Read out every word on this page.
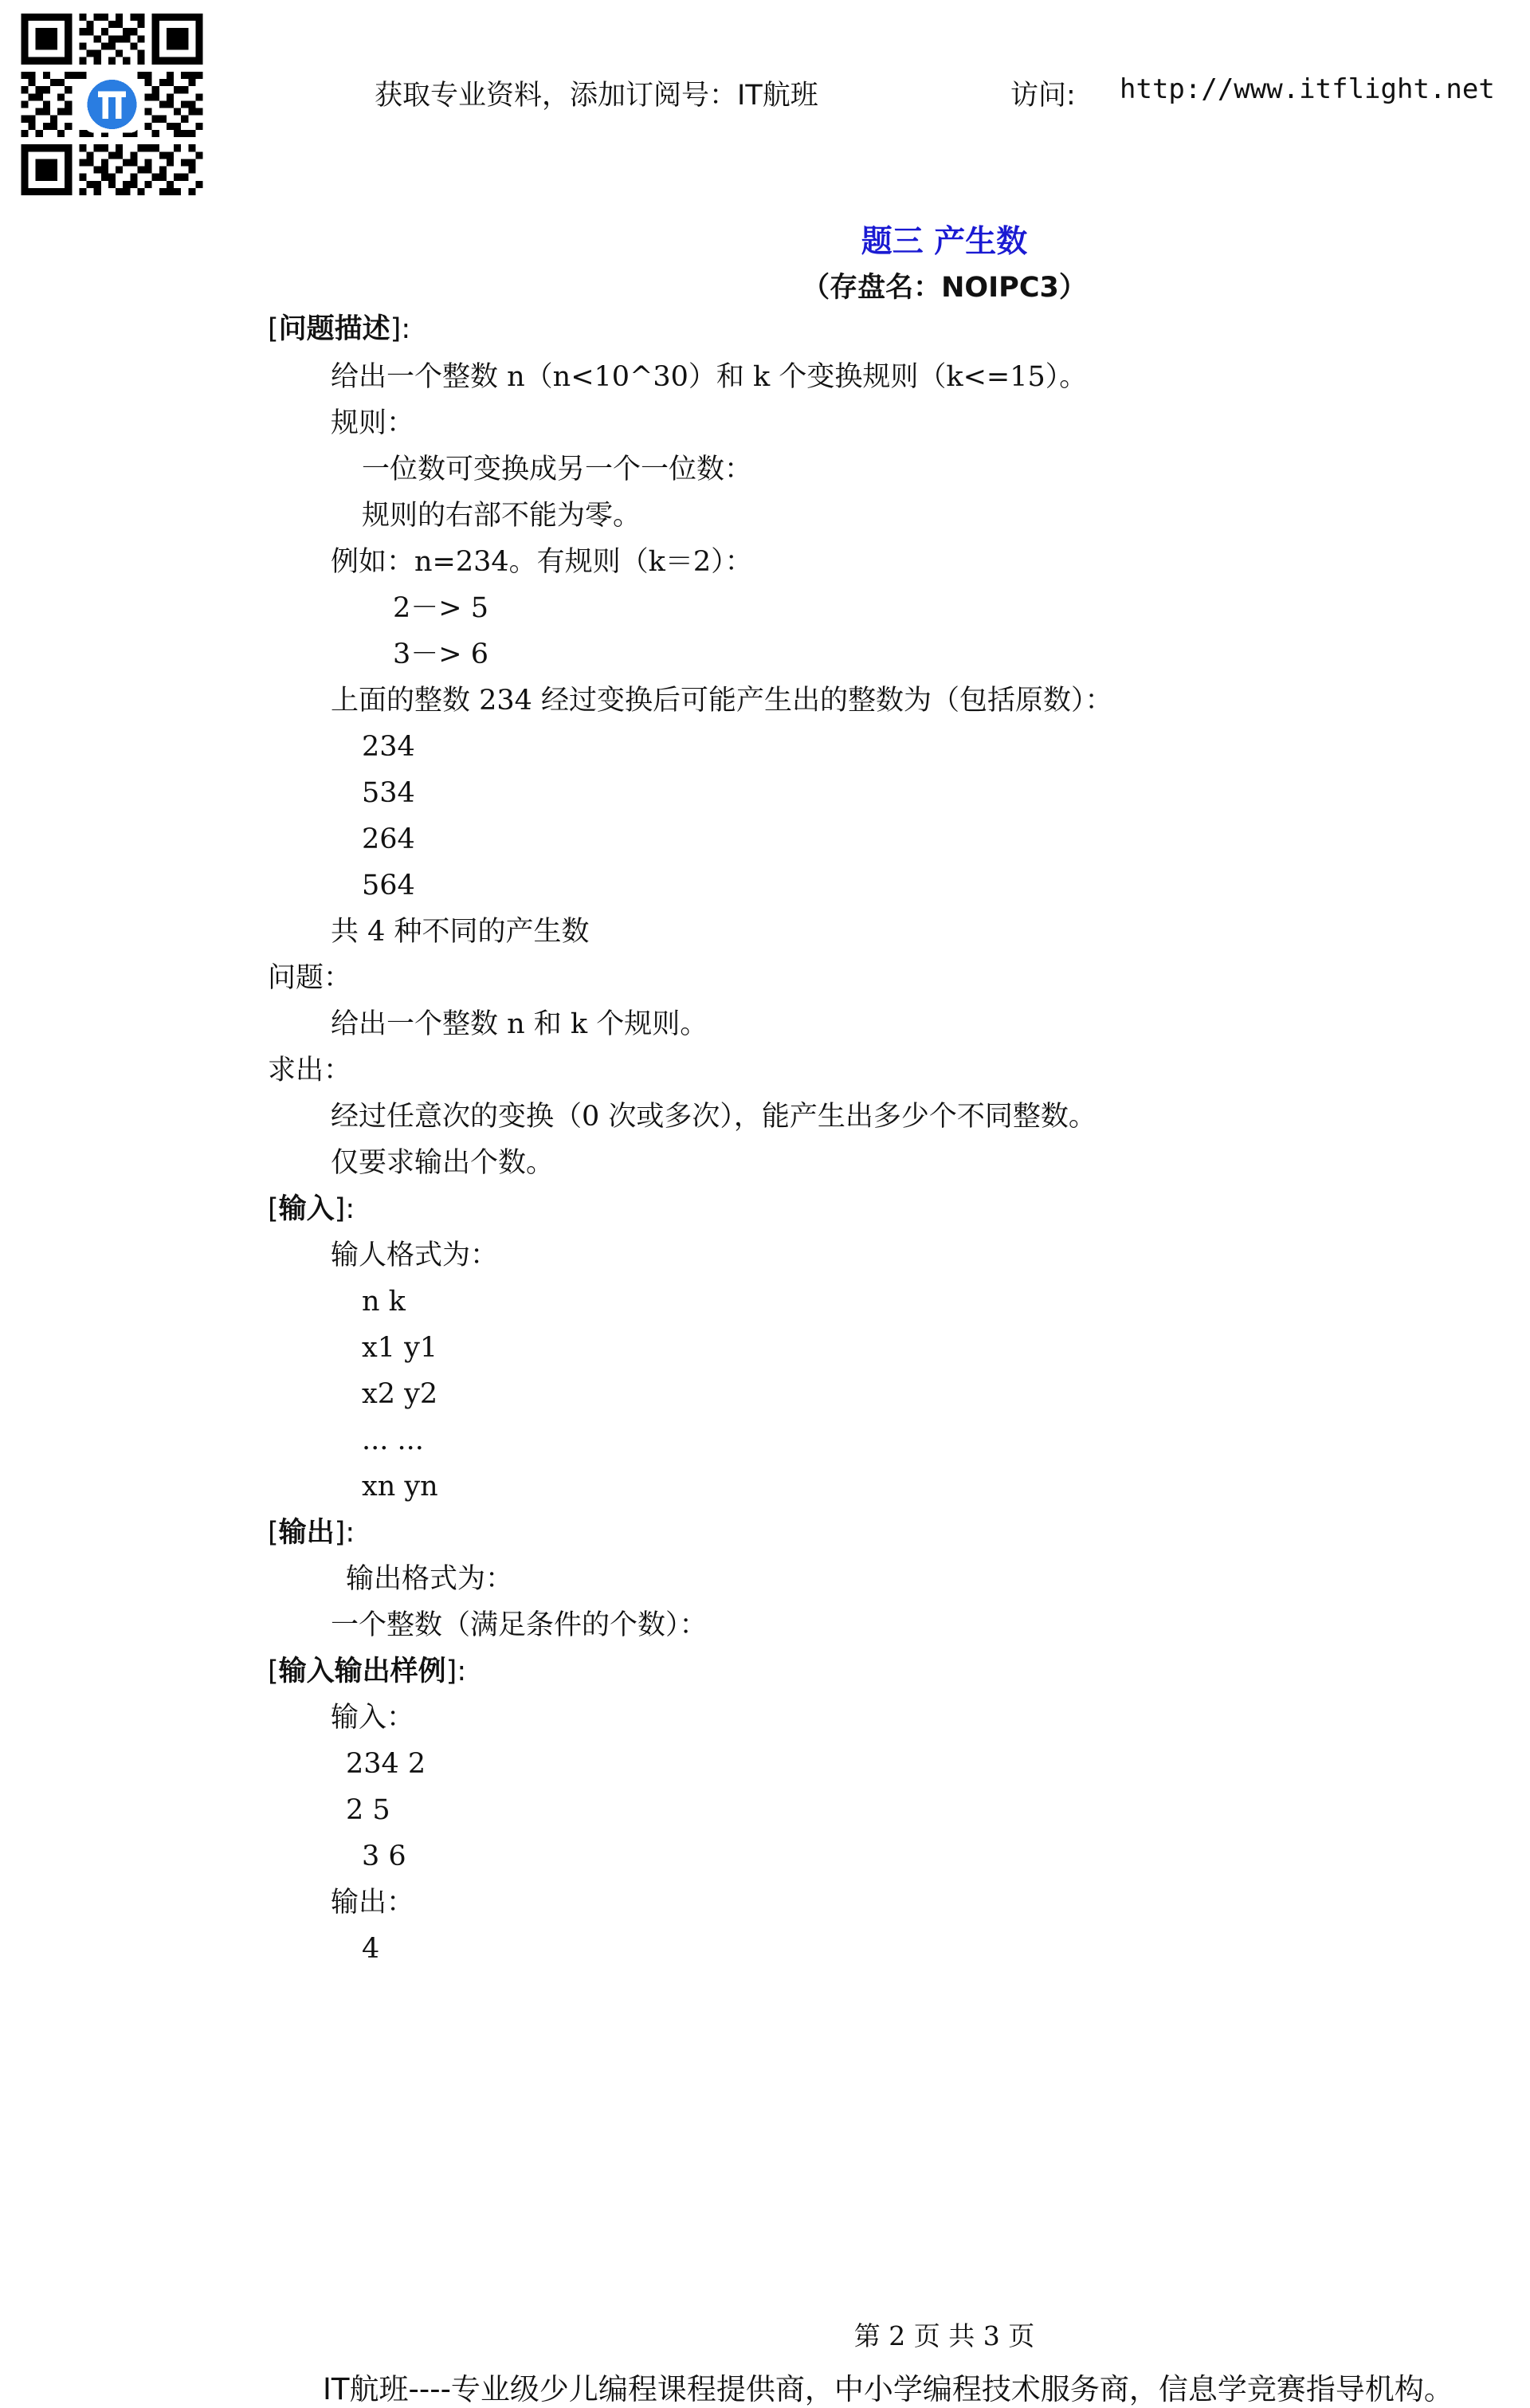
获取专业资料，添加订阅号：IT航班	访问: http://www.itflight.net
题三 产生数
（存盘名：NOIPC3）
[问题描述]:
给出一个整数 n（n<10^30）和 k 个变换规则（k<=15）。
规则：
一位数可变换成另一个一位数：
规则的右部不能为零。
例如：n=234。有规则（k＝2）：
2－> 5
3－> 6
上面的整数 234 经过变换后可能产生出的整数为（包括原数）：
234
534
264
564
共 4 种不同的产生数
问题：
给出一个整数 n 和 k 个规则。
求出：
经过任意次的变换（0 次或多次），能产生出多少个不同整数。
仅要求输出个数。
[输入]:
输人格式为：
n k
x1 y1
x2 y2
... ...
xn yn
[输出]:
输出格式为：
一个整数（满足条件的个数）：
[输入输出样例]:
输入：
234 2
2 5
3 6
输出：
4
第 2 页 共 3 页
IT航班----专业级少儿编程课程提供商，中小学编程技术服务商，信息学竞赛指导机构。
